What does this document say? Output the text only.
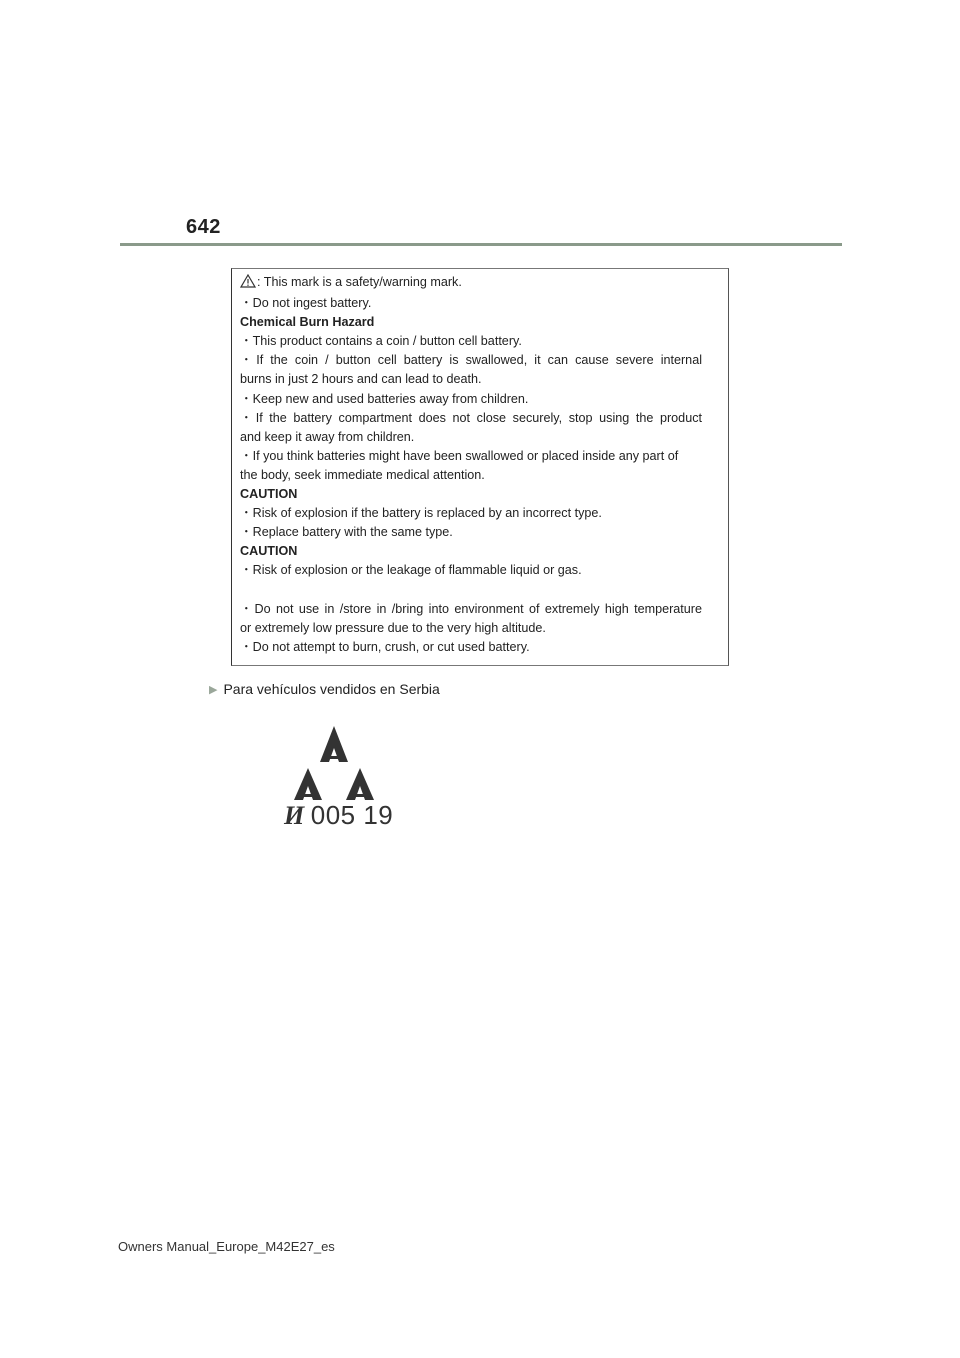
642
: This mark is a safety/warning mark.
・Do not ingest battery.
Chemical Burn Hazard
・This product contains a coin / button cell battery.
・If the coin / button cell battery is swallowed, it can cause severe internal
burns in just 2 hours and can lead to death.
・Keep new and used batteries away from children.
・If the battery compartment does not close securely, stop using the product
and keep it away from children.
・If you think batteries might have been swallowed or placed inside any part of
the body, seek immediate medical attention.
CAUTION
・Risk of explosion if the battery is replaced by an incorrect type.
・Replace battery with the same type.
CAUTION
・Risk of explosion or the leakage of flammable liquid or gas.
・Do not use in /store in /bring into environment of extremely high temperature
or extremely low pressure due to the very high altitude.
・Do not attempt to burn, crush, or cut used battery.
▶ Para vehículos vendidos en Serbia
И 005 19
Owners Manual_Europe_M42E27_es
